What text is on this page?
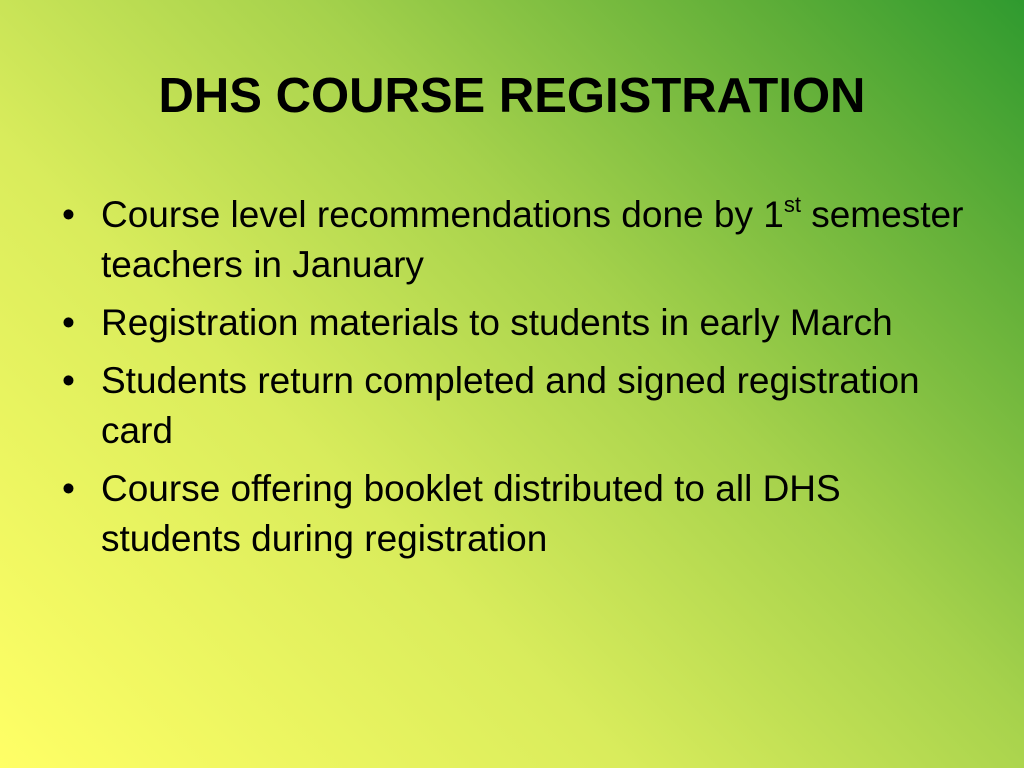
DHS COURSE REGISTRATION
• Course level recommendations done by 1st semester teachers in January
• Registration materials to students in early March
• Students return completed and signed registration card
• Course offering booklet distributed to all DHS students during registration
